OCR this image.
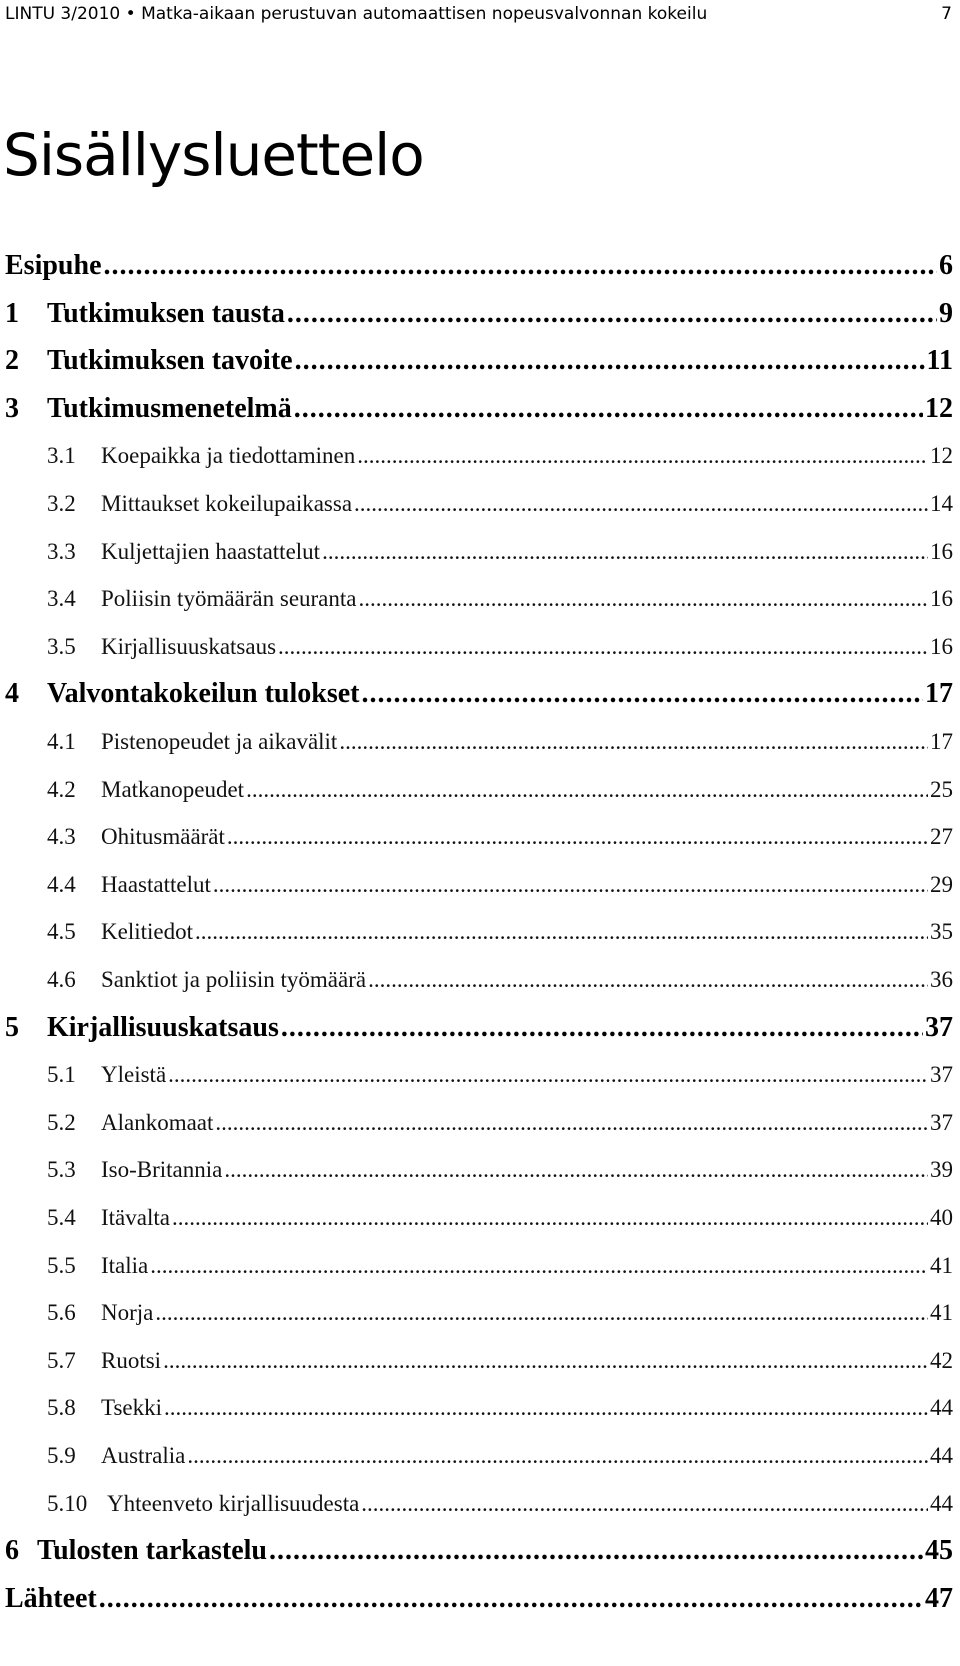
LINTU 3/2010 • Matka-aikaan perustuvan automaattisen nopeusvalvonnan kokeilu	7
Sisällysluettelo
Esipuhe .....	6
1	Tutkimuksen tausta .....	9
2	Tutkimuksen tavoite .....	11
3	Tutkimusmenetelmä .....	12
3.1	Koepaikka ja tiedottaminen .....	12
3.2	Mittaukset kokeilupaikassa .....	14
3.3	Kuljettajien haastattelut .....	16
3.4	Poliisin työmäärän seuranta .....	16
3.5	Kirjallisuuskatsaus .....	16
4	Valvontakokeilun tulokset .....	17
4.1	Pistenopeudet ja aikavälit .....	17
4.2	Matkanopeudet .....	25
4.3	Ohitusmäärät .....	27
4.4	Haastattelut .....	29
4.5	Kelitiedot .....	35
4.6	Sanktiot ja poliisin työmäärä .....	36
5	Kirjallisuuskatsaus .....	37
5.1	Yleistä .....	37
5.2	Alankomaat .....	37
5.3	Iso-Britannia .....	39
5.4	Itävalta .....	40
5.5	Italia .....	41
5.6	Norja .....	41
5.7	Ruotsi .....	42
5.8	Tsekki .....	44
5.9	Australia .....	44
5.10 Yhteenveto kirjallisuudesta .....	44
6 Tulosten tarkastelu .....	45
Lähteet .....	47
